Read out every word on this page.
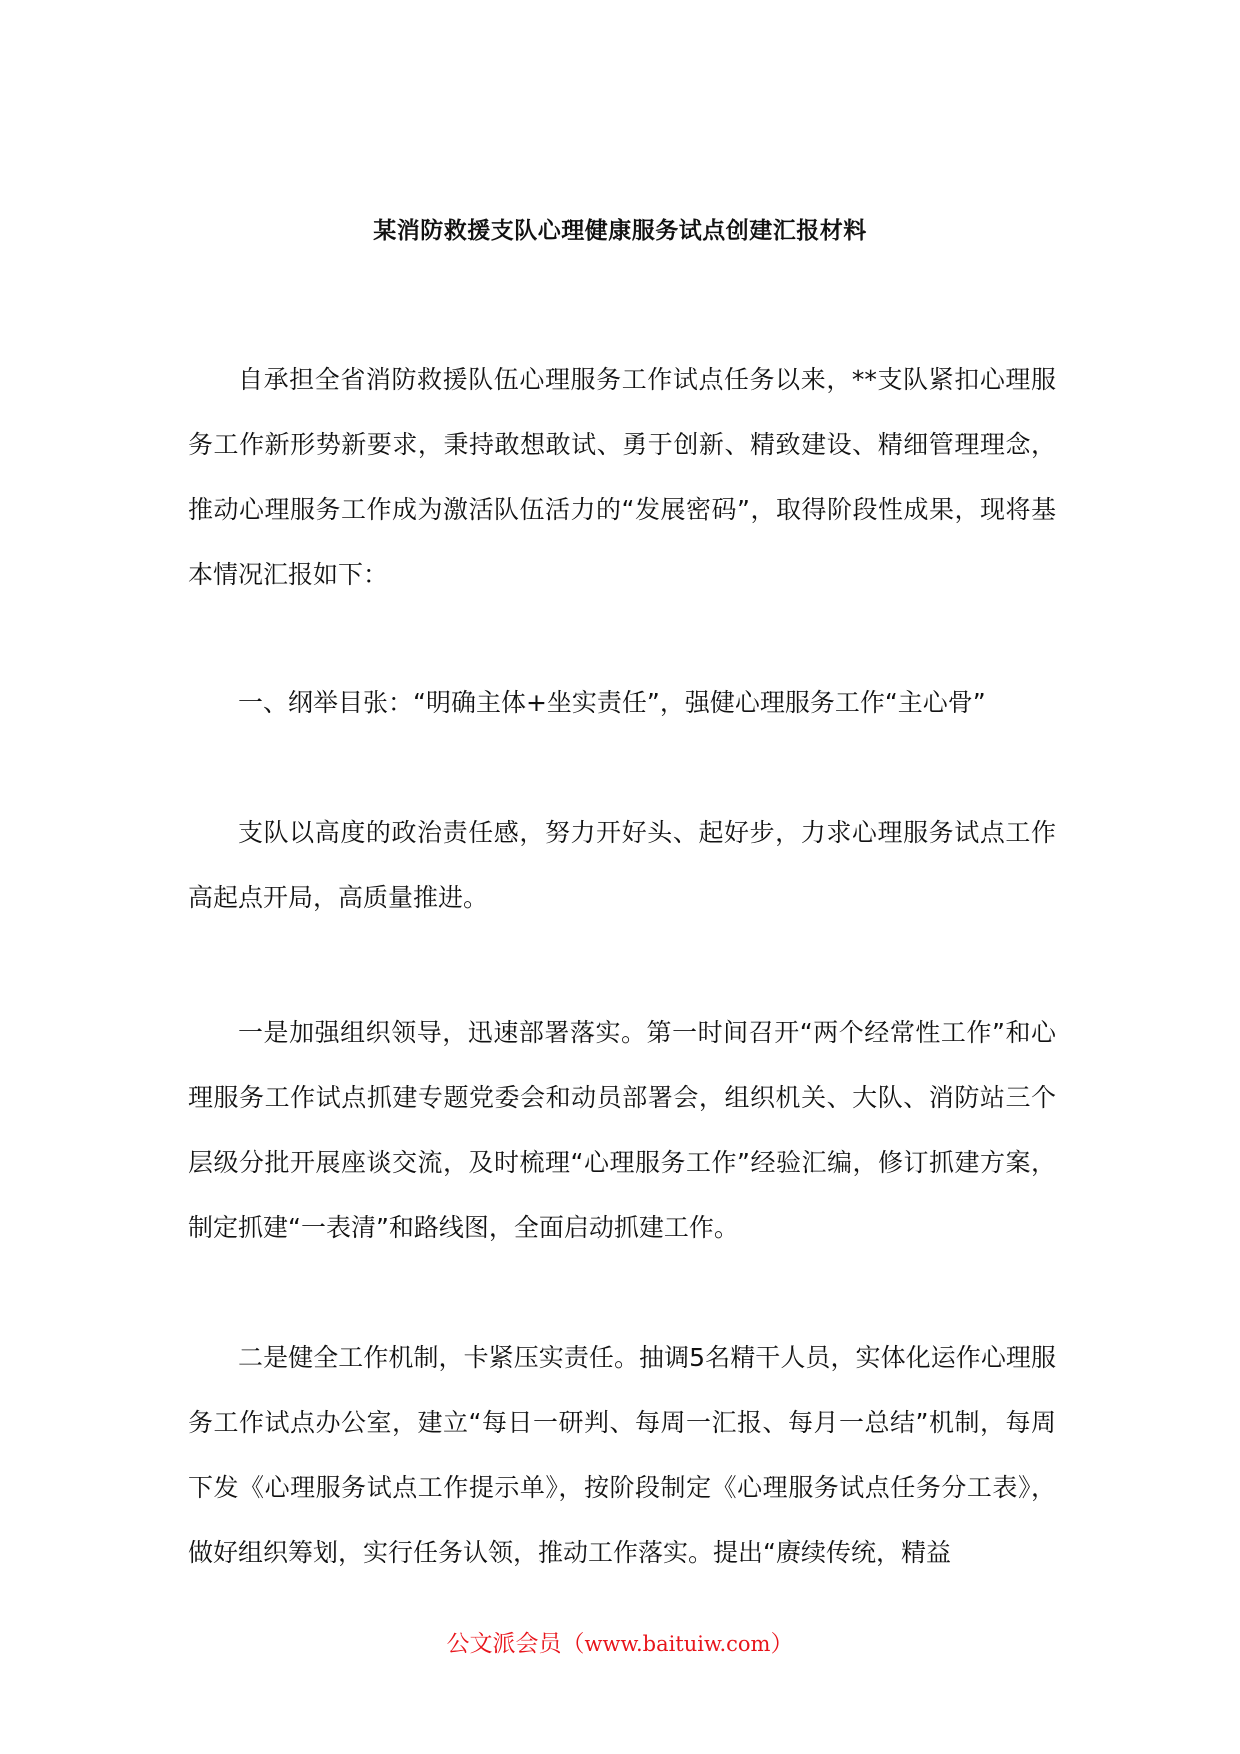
某消防救援支队心理健康服务试点创建汇报材料

自承担全省消防救援队伍心理服务工作试点任务以来，**支队紧扣心理服务工作新形势新要求，秉持敢想敢试、勇于创新、精致建设、精细管理理念，推动心理服务工作成为激活队伍活力的“发展密码”，取得阶段性成果，现将基本情况汇报如下：

一、纲举目张：“明确主体+坐实责任”，强健心理服务工作“主心骨”

支队以高度的政治责任感，努力开好头、起好步，力求心理服务试点工作高起点开局，高质量推进。

一是加强组织领导，迅速部署落实。第一时间召开“两个经常性工作”和心理服务工作试点抓建专题党委会和动员部署会，组织机关、大队、消防站三个层级分批开展座谈交流，及时梳理“心理服务工作”经验汇编，修订抓建方案，制定抓建“一表清”和路线图，全面启动抓建工作。

二是健全工作机制，卡紧压实责任。抽调5名精干人员，实体化运作心理服务工作试点办公室，建立“每日一研判、每周一汇报、每月一总结”机制，每周下发《心理服务试点工作提示单》，按阶段制定《心理服务试点任务分工表》，做好组织筹划，实行任务认领，推动工作落实。提出“赓续传统，精益

公文派会员（www.baituiw.com）
